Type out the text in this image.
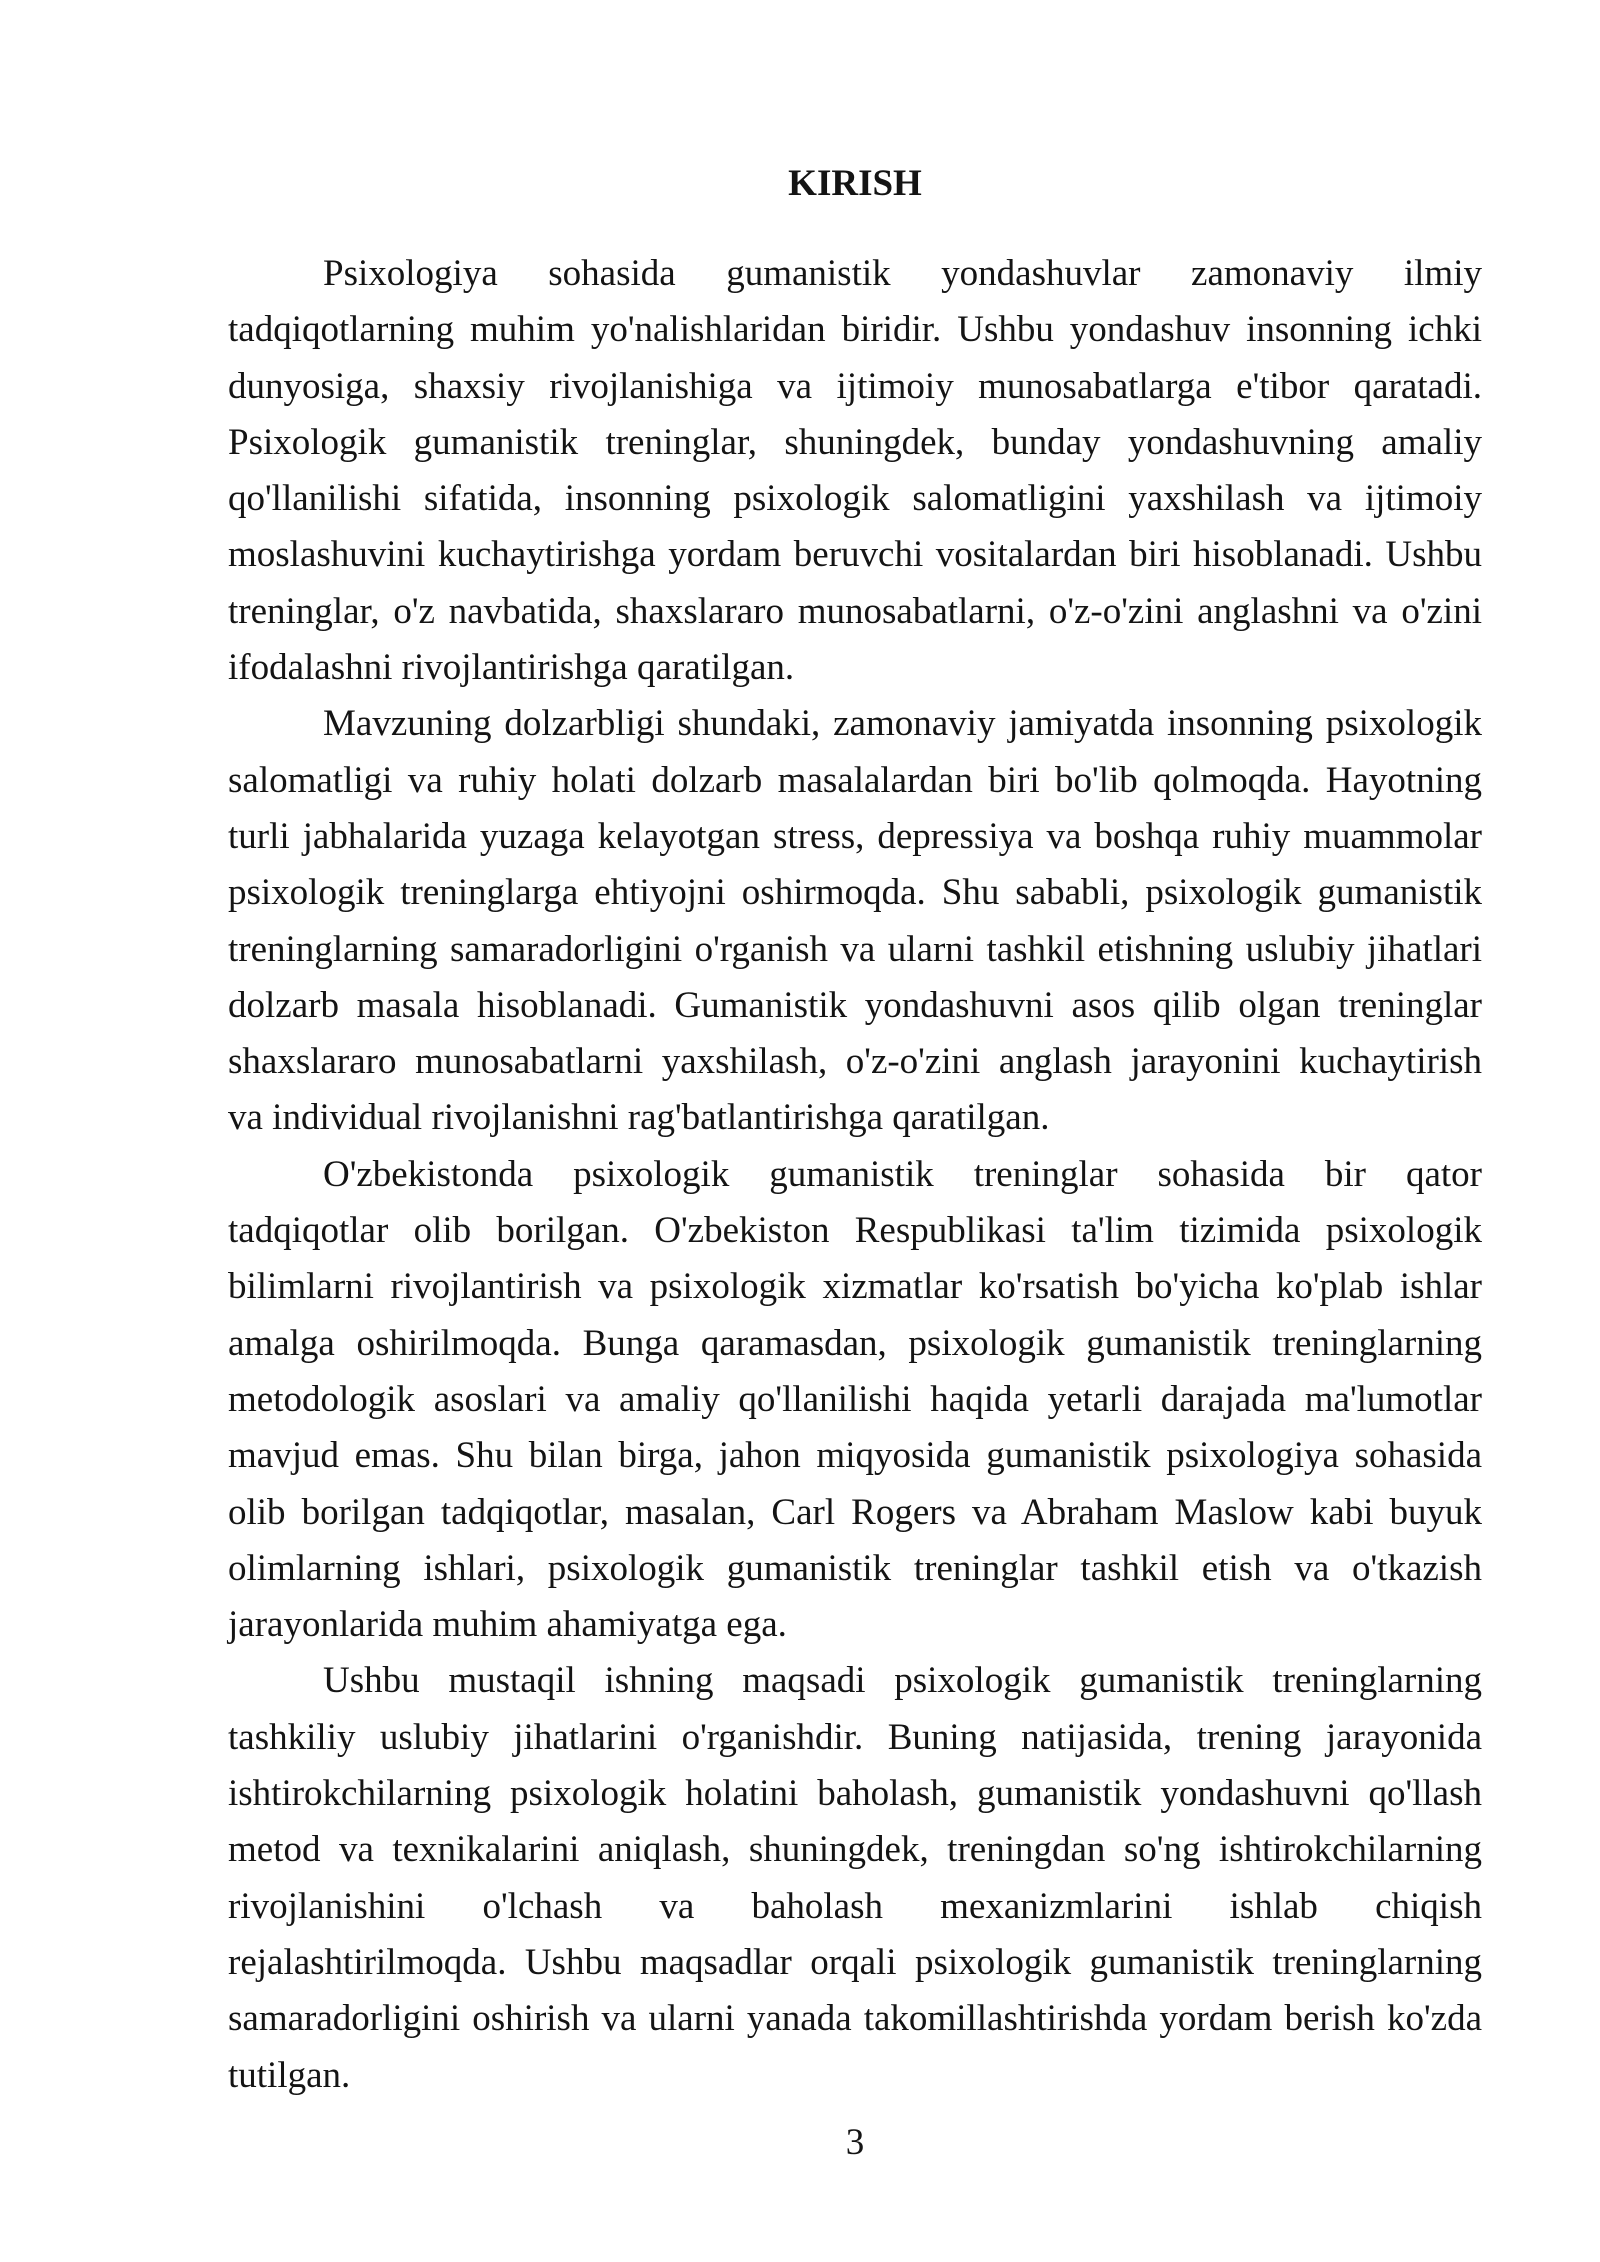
KIRISH
Psixologiya sohasida gumanistik yondashuvlar zamonaviy ilmiy
tadqiqotlarning muhim yo'nalishlaridan biridir. Ushbu yondashuv insonning ichki
dunyosiga, shaxsiy rivojlanishiga va ijtimoiy munosabatlarga e'tibor qaratadi.
Psixologik gumanistik treninglar, shuningdek, bunday yondashuvning amaliy
qo'llanilishi sifatida, insonning psixologik salomatligini yaxshilash va ijtimoiy
moslashuvini kuchaytirishga yordam beruvchi vositalardan biri hisoblanadi. Ushbu
treninglar, o'z navbatida, shaxslararo munosabatlarni, o'z-o'zini anglashni va o'zini
ifodalashni rivojlantirishga qaratilgan.
Mavzuning dolzarbligi shundaki, zamonaviy jamiyatda insonning psixologik
salomatligi va ruhiy holati dolzarb masalalardan biri bo'lib qolmoqda. Hayotning
turli jabhalarida yuzaga kelayotgan stress, depressiya va boshqa ruhiy muammolar
psixologik treninglarga ehtiyojni oshirmoqda. Shu sababli, psixologik gumanistik
treninglarning samaradorligini o'rganish va ularni tashkil etishning uslubiy jihatlari
dolzarb masala hisoblanadi. Gumanistik yondashuvni asos qilib olgan treninglar
shaxslararo munosabatlarni yaxshilash, o'z-o'zini anglash jarayonini kuchaytirish
va individual rivojlanishni rag'batlantirishga qaratilgan.
O'zbekistonda psixologik gumanistik treninglar sohasida bir qator
tadqiqotlar olib borilgan. O'zbekiston Respublikasi ta'lim tizimida psixologik
bilimlarni rivojlantirish va psixologik xizmatlar ko'rsatish bo'yicha ko'plab ishlar
amalga oshirilmoqda. Bunga qaramasdan, psixologik gumanistik treninglarning
metodologik asoslari va amaliy qo'llanilishi haqida yetarli darajada ma'lumotlar
mavjud emas. Shu bilan birga, jahon miqyosida gumanistik psixologiya sohasida
olib borilgan tadqiqotlar, masalan, Carl Rogers va Abraham Maslow kabi buyuk
olimlarning ishlari, psixologik gumanistik treninglar tashkil etish va o'tkazish
jarayonlarida muhim ahamiyatga ega.
Ushbu mustaqil ishning maqsadi psixologik gumanistik treninglarning
tashkiliy uslubiy jihatlarini o'rganishdir. Buning natijasida, trening jarayonida
ishtirokchilarning psixologik holatini baholash, gumanistik yondashuvni qo'llash
metod va texnikalarini aniqlash, shuningdek, treningdan so'ng ishtirokchilarning
rivojlanishini o'lchash va baholash mexanizmlarini ishlab chiqish
rejalashtirilmoqda. Ushbu maqsadlar orqali psixologik gumanistik treninglarning
samaradorligini oshirish va ularni yanada takomillashtirishda yordam berish ko'zda
tutilgan.
3
